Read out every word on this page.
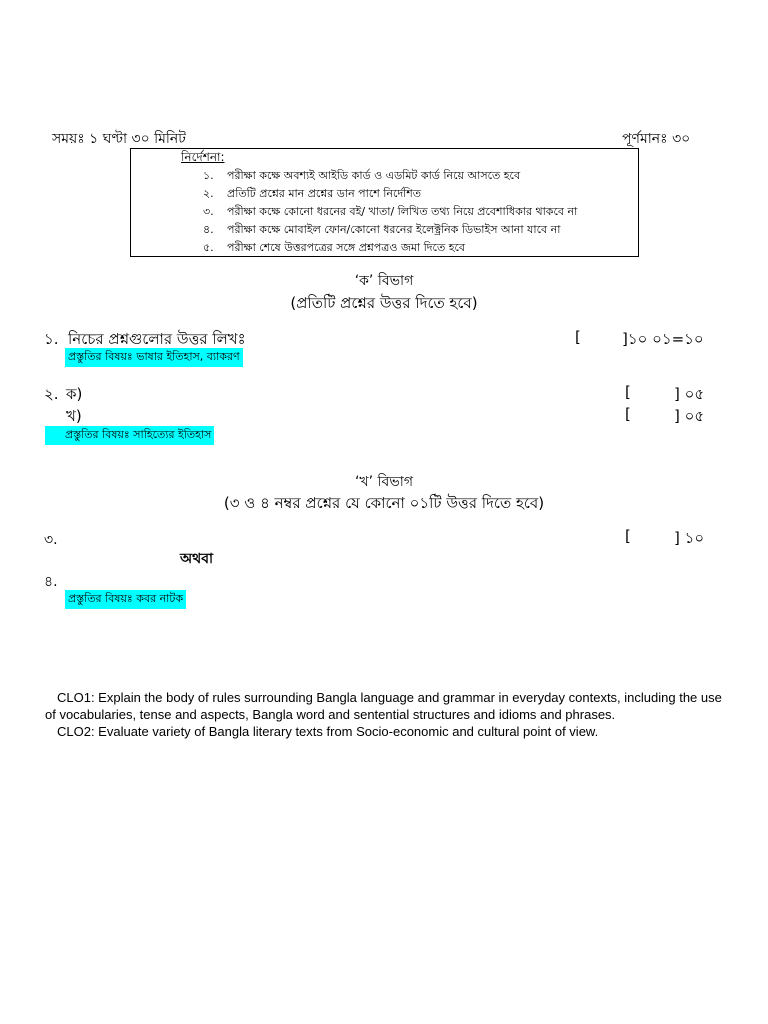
সময়ঃ ১ ঘণ্টা ৩০ মিনিট	পূর্ণমানঃ ৩০
নির্দেশনা:
১. পরীক্ষা কক্ষে অবশ্যই আইডি কার্ড ও এডমিট কার্ড নিয়ে আসতে হবে
২. প্রতিটি প্রশ্নের মান প্রশ্নের ডান পাশে নির্দেশিত
৩. পরীক্ষা কক্ষে কোনো ধরনের বই/ খাতা/ লিখিত তথ্য নিয়ে প্রবেশাধিকার থাকবে না
৪. পরীক্ষা কক্ষে মোবাইল ফোন/কোনো ধরনের ইলেক্ট্রনিক ডিভাইস আনা যাবে না
৫. পরীক্ষা শেষে উত্তরপত্রের সঙ্গে প্রশ্নপত্রও জমা দিতে হবে
‘ক’ বিভাগ
(প্রতিটি প্রশ্নের উত্তর দিতে হবে)
১. নিচের প্রশ্নগুলোর উত্তর লিখঃ	[	]১০ ০১=১০
প্রস্তুতির বিষয়ঃ ভাষার ইতিহাস, ব্যাকরণ
২. ক)	[	] ০৫
খ)	[	] ০৫
প্রস্তুতির বিষয়ঃ সাহিত্যের ইতিহাস
‘খ’ বিভাগ
(৩ ও ৪ নম্বর প্রশ্নের যে কোনো ০১টি উত্তর দিতে হবে)
৩.	[	] ১০
অথবা
৪.
প্রস্তুতির বিষয়ঃ কবর নাটক
CLO1: Explain the body of rules surrounding Bangla language and grammar in everyday contexts, including the use of vocabularies, tense and aspects, Bangla word and sentential structures and idioms and phrases.
CLO2: Evaluate variety of Bangla literary texts from Socio-economic and cultural point of view.
